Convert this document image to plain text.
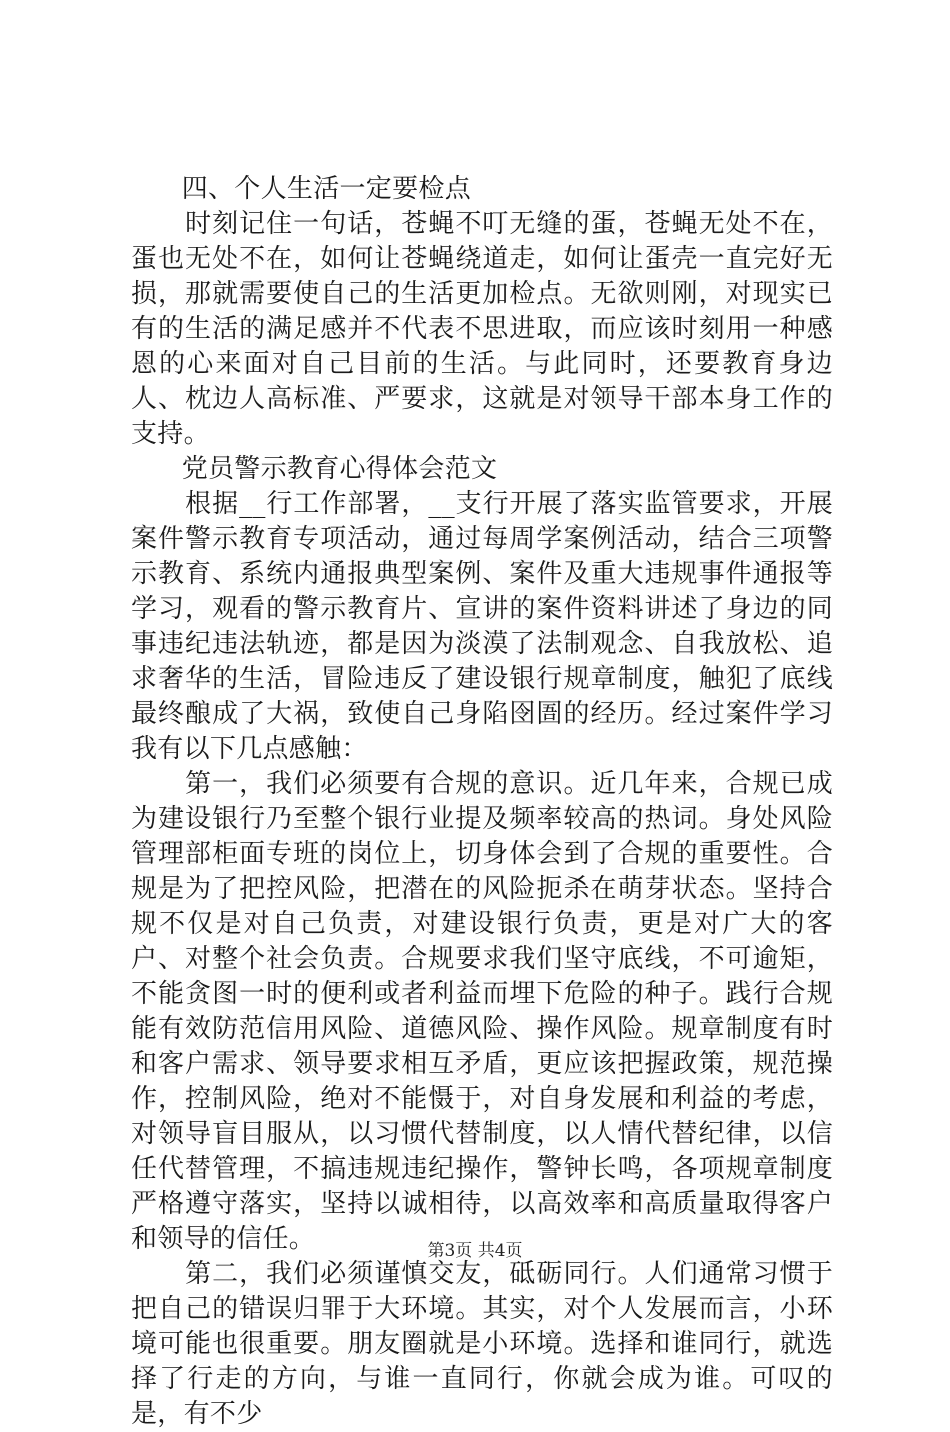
四、个人生活一定要检点

时刻记住一句话，苍蝇不叮无缝的蛋，苍蝇无处不在，蛋也无处不在，如何让苍蝇绕道走，如何让蛋壳一直完好无损，那就需要使自己的生活更加检点。无欲则刚，对现实已有的生活的满足感并不代表不思进取，而应该时刻用一种感恩的心来面对自己目前的生活。与此同时，还要教育身边人、枕边人高标准、严要求，这就是对领导干部本身工作的支持。

党员警示教育心得体会范文

根据__行工作部署，__支行开展了落实监管要求，开展案件警示教育专项活动，通过每周学案例活动，结合三项警示教育、系统内通报典型案例、案件及重大违规事件通报等学习，观看的警示教育片、宣讲的案件资料讲述了身边的同事违纪违法轨迹，都是因为淡漠了法制观念、自我放松、追求奢华的生活，冒险违反了建设银行规章制度，触犯了底线最终酿成了大祸，致使自己身陷囹圄的经历。经过案件学习我有以下几点感触：

第一，我们必须要有合规的意识。近几年来，合规已成为建设银行乃至整个银行业提及频率较高的热词。身处风险管理部柜面专班的岗位上，切身体会到了合规的重要性。合规是为了把控风险，把潜在的风险扼杀在萌芽状态。坚持合规不仅是对自己负责，对建设银行负责，更是对广大的客户、对整个社会负责。合规要求我们坚守底线，不可逾矩，不能贪图一时的便利或者利益而埋下危险的种子。践行合规能有效防范信用风险、道德风险、操作风险。规章制度有时和客户需求、领导要求相互矛盾，更应该把握政策，规范操作，控制风险，绝对不能慑于，对自身发展和利益的考虑，对领导盲目服从，以习惯代替制度，以人情代替纪律，以信任代替管理，不搞违规违纪操作，警钟长鸣，各项规章制度严格遵守落实，坚持以诚相待，以高效率和高质量取得客户和领导的信任。

第二，我们必须谨慎交友，砥砺同行。人们通常习惯于把自己的错误归罪于大环境。其实，对个人发展而言，小环境可能也很重要。朋友圈就是小环境。选择和谁同行，就选择了行走的方向，与谁一直同行，你就会成为谁。可叹的是，有不少

第3页 共4页
